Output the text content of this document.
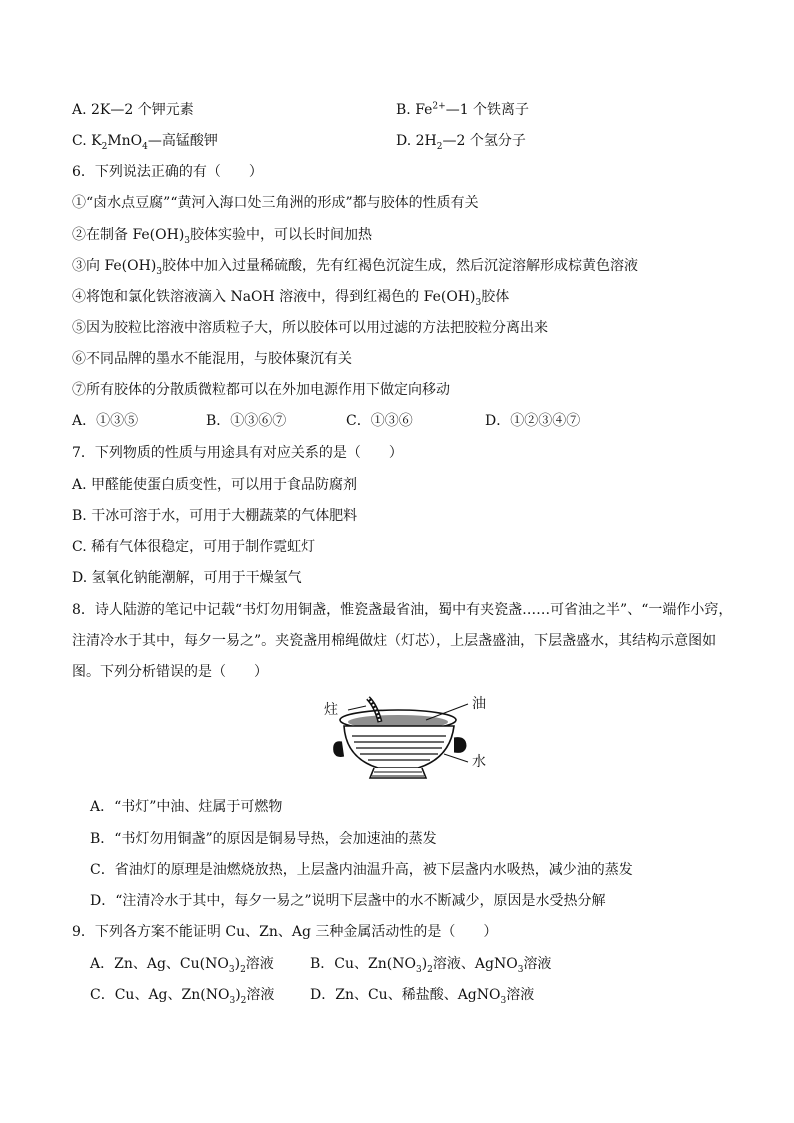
A. 2K—2 个钾元素	B. $Fe^{2+}—1$ 个铁离子
C. $K_2MnO_4—$高锰酸钾	D. $2H_2—2$ 个氢分子
6．下列说法正确的有（　　）
①“卤水点豆腐”“黄河入海口处三角洲的形成”都与胶体的性质有关
②在制备 $Fe(OH)_3$胶体实验中，可以长时间加热
③向 $Fe(OH)_3$胶体中加入过量稀硫酸，先有红褐色沉淀生成，然后沉淀溶解形成棕黄色溶液
④将饱和氯化铁溶液滴入 NaOH 溶液中，得到红褐色的 $Fe(OH)_3$胶体
⑤因为胶粒比溶液中溶质粒子大，所以胶体可以用过滤的方法把胶粒分离出来
⑥不同品牌的墨水不能混用，与胶体聚沉有关
⑦所有胶体的分散质微粒都可以在外加电源作用下做定向移动
A．①③⑤	B．①③⑥⑦	C．①③⑥	D．①②③④⑦
7．下列物质的性质与用途具有对应关系的是（　　）
A. 甲醛能使蛋白质变性，可以用于食品防腐剂
B. 干冰可溶于水，可用于大棚蔬菜的气体肥料
C. 稀有气体很稳定，可用于制作霓虹灯
D. 氢氧化钠能潮解，可用于干燥氢气
8．诗人陆游的笔记中记载“书灯勿用铜盏，惟瓷盏最省油，蜀中有夹瓷盏……可省油之半”、“一端作小窍，
注清冷水于其中，每夕一易之”。夹瓷盏用棉绳做炷（灯芯），上层盏盛油，下层盏盛水，其结构示意图如
图。下列分析错误的是（　　）
炷	油
水
A．“书灯”中油、炷属于可燃物
B．“书灯勿用铜盏”的原因是铜易导热，会加速油的蒸发
C．省油灯的原理是油燃烧放热，上层盏内油温升高，被下层盏内水吸热，减少油的蒸发
D．“注清冷水于其中，每夕一易之”说明下层盏中的水不断减少，原因是水受热分解
9．下列各方案不能证明 Cu、Zn、Ag 三种金属活动性的是（　　）
A．Zn、Ag、$Cu(NO_3)_2$溶液	B．Cu、$Zn(NO_3)_2$溶液、AgNO$_3$溶液
C．Cu、Ag、$Zn(NO_3)_2$溶液	D．Zn、Cu、稀盐酸、AgNO$_3$溶液
